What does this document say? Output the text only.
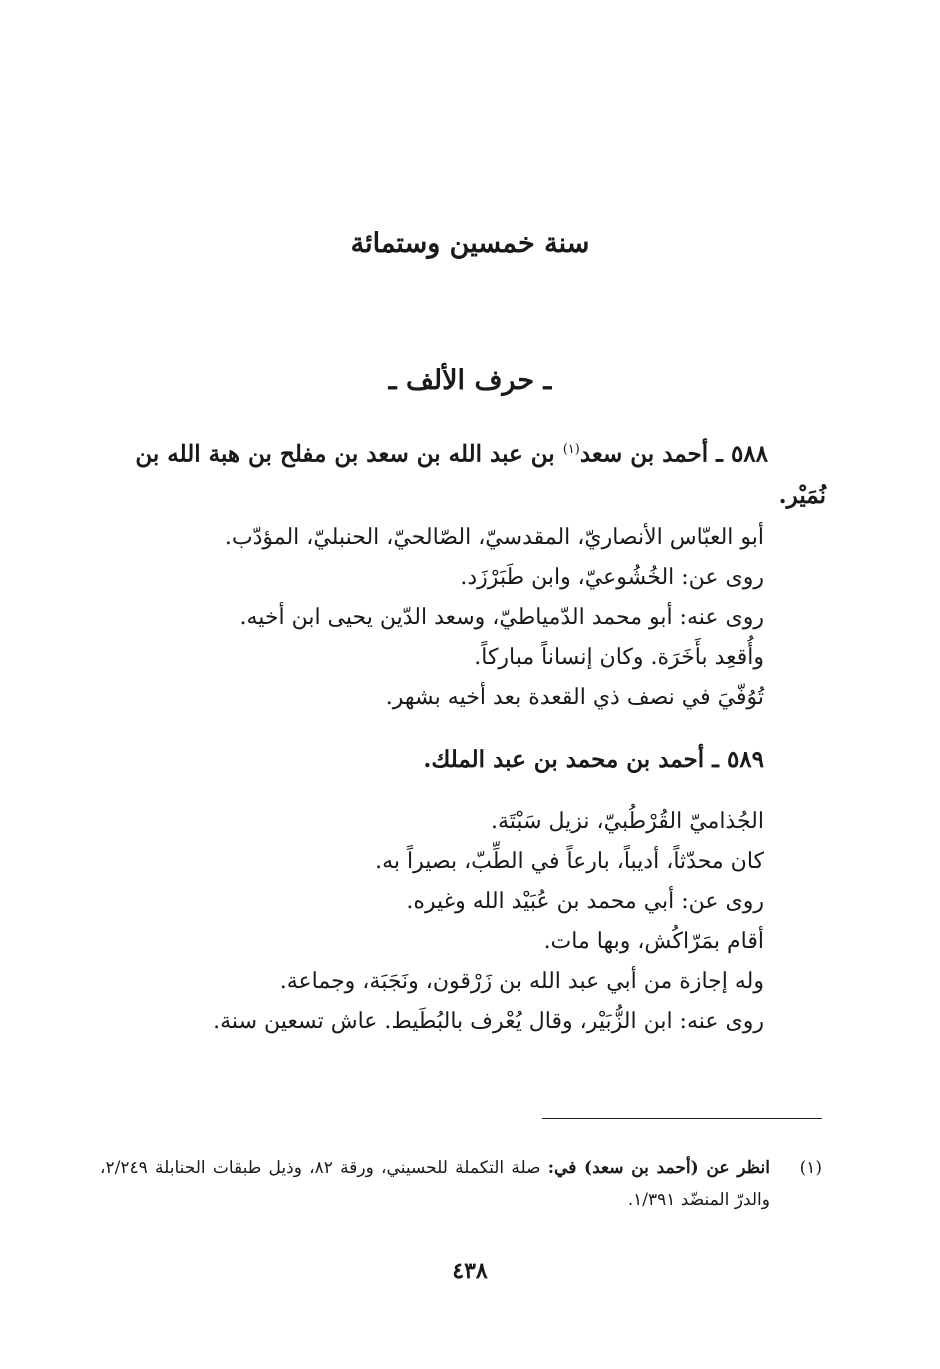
سنة خمسين وستمائة
ـ حرف الألف ـ
٥٨٨ ـ أحمد بن سعد$^{(١)}$ بن عبد الله بن سعد بن مفلح بن هبة الله بن
نُمَيْر.
أبو العبّاس الأنصاريّ، المقدسيّ، الصّالحيّ، الحنبليّ، المؤدّب.
روى عن: الخُشُوعيّ، وابن طَبَرْزَد.
روى عنه: أبو محمد الدّمياطيّ، وسعد الدّين يحيى ابن أخيه.
وأُقعِد بأَخَرَة. وكان إنساناً مباركاً.
تُوُفّيَ في نصف ذي القعدة بعد أخيه بشهر.
٥٨٩ ـ أحمد بن محمد بن عبد الملك.
الجُذاميّ القُرْطُبيّ، نزيل سَبْتَة.
كان محدّثاً، أديباً، بارعاً في الطِّبّ، بصيراً به.
روى عن: أبي محمد بن عُبَيْد الله وغيره.
أقام بمَرّاكُش، وبها مات.
وله إجازة من أبي عبد الله بن زَرْقون، ونَجَبَة، وجماعة.
روى عنه: ابن الزُّبَيْر، وقال يُعْرف بالبُطَيط. عاش تسعين سنة.
(١)
انظر عن (أحمد بن سعد) في: صلة التكملة للحسيني، ورقة ٨٢، وذيل طبقات الحنابلة ٢/٢٤٩، والدرّ المنضّد ١/٣٩١.
٤٣٨
